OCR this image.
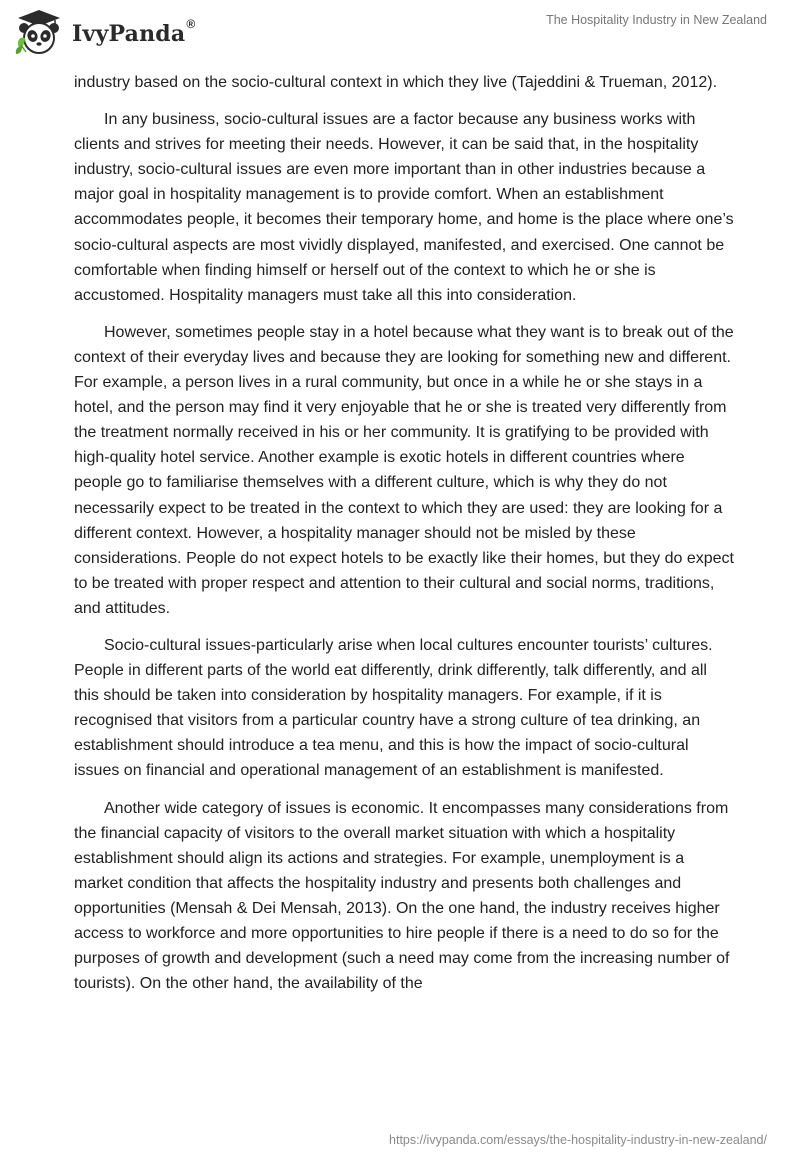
IvyPanda®	The Hospitality Industry in New Zealand

industry based on the socio-cultural context in which they live (Tajeddini & Trueman, 2012).

In any business, socio-cultural issues are a factor because any business works with clients and strives for meeting their needs. However, it can be said that, in the hospitality industry, socio-cultural issues are even more important than in other industries because a major goal in hospitality management is to provide comfort. When an establishment accommodates people, it becomes their temporary home, and home is the place where one’s socio-cultural aspects are most vividly displayed, manifested, and exercised. One cannot be comfortable when finding himself or herself out of the context to which he or she is accustomed. Hospitality managers must take all this into consideration.

However, sometimes people stay in a hotel because what they want is to break out of the context of their everyday lives and because they are looking for something new and different. For example, a person lives in a rural community, but once in a while he or she stays in a hotel, and the person may find it very enjoyable that he or she is treated very differently from the treatment normally received in his or her community. It is gratifying to be provided with high-quality hotel service. Another example is exotic hotels in different countries where people go to familiarise themselves with a different culture, which is why they do not necessarily expect to be treated in the context to which they are used: they are looking for a different context. However, a hospitality manager should not be misled by these considerations. People do not expect hotels to be exactly like their homes, but they do expect to be treated with proper respect and attention to their cultural and social norms, traditions, and attitudes.

Socio-cultural issues-particularly arise when local cultures encounter tourists’ cultures. People in different parts of the world eat differently, drink differently, talk differently, and all this should be taken into consideration by hospitality managers. For example, if it is recognised that visitors from a particular country have a strong culture of tea drinking, an establishment should introduce a tea menu, and this is how the impact of socio-cultural issues on financial and operational management of an establishment is manifested.

Another wide category of issues is economic. It encompasses many considerations from the financial capacity of visitors to the overall market situation with which a hospitality establishment should align its actions and strategies. For example, unemployment is a market condition that affects the hospitality industry and presents both challenges and opportunities (Mensah & Dei Mensah, 2013). On the one hand, the industry receives higher access to workforce and more opportunities to hire people if there is a need to do so for the purposes of growth and development (such a need may come from the increasing number of tourists). On the other hand, the availability of the

https://ivypanda.com/essays/the-hospitality-industry-in-new-zealand/
